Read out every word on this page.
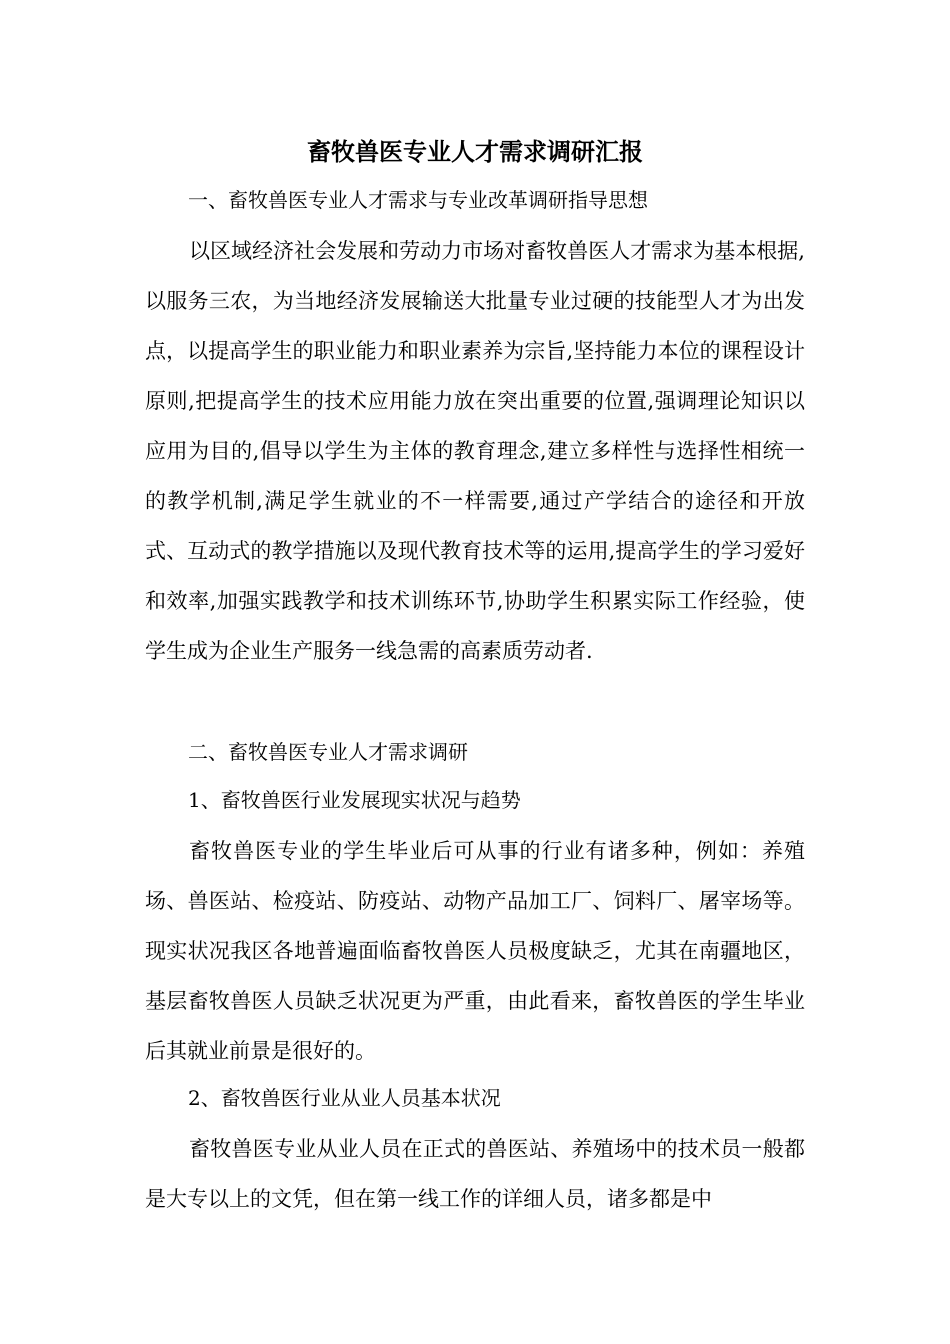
畜牧兽医专业人才需求调研汇报

一、畜牧兽医专业人才需求与专业改革调研指导思想

以区域经济社会发展和劳动力市场对畜牧兽医人才需求为基本根据, 以服务三农，为当地经济发展输送大批量专业过硬的技能型人才为出发点，以提高学生的职业能力和职业素养为宗旨,坚持能力本位的课程设计原则,把提高学生的技术应用能力放在突出重要的位置,强调理论知识以应用为目的,倡导以学生为主体的教育理念,建立多样性与选择性相统一的教学机制,满足学生就业的不一样需要,通过产学结合的途径和开放式、互动式的教学措施以及现代教育技术等的运用,提高学生的学习爱好和效率,加强实践教学和技术训练环节,协助学生积累实际工作经验，使学生成为企业生产服务一线急需的高素质劳动者.

二、畜牧兽医专业人才需求调研

1、畜牧兽医行业发展现实状况与趋势

畜牧兽医专业的学生毕业后可从事的行业有诸多种，例如：养殖场、兽医站、检疫站、防疫站、动物产品加工厂、饲料厂、屠宰场等。现实状况我区各地普遍面临畜牧兽医人员极度缺乏，尤其在南疆地区，基层畜牧兽医人员缺乏状况更为严重，由此看来，畜牧兽医的学生毕业后其就业前景是很好的。

2、畜牧兽医行业从业人员基本状况

畜牧兽医专业从业人员在正式的兽医站、养殖场中的技术员一般都是大专以上的文凭，但在第一线工作的详细人员，诸多都是中
